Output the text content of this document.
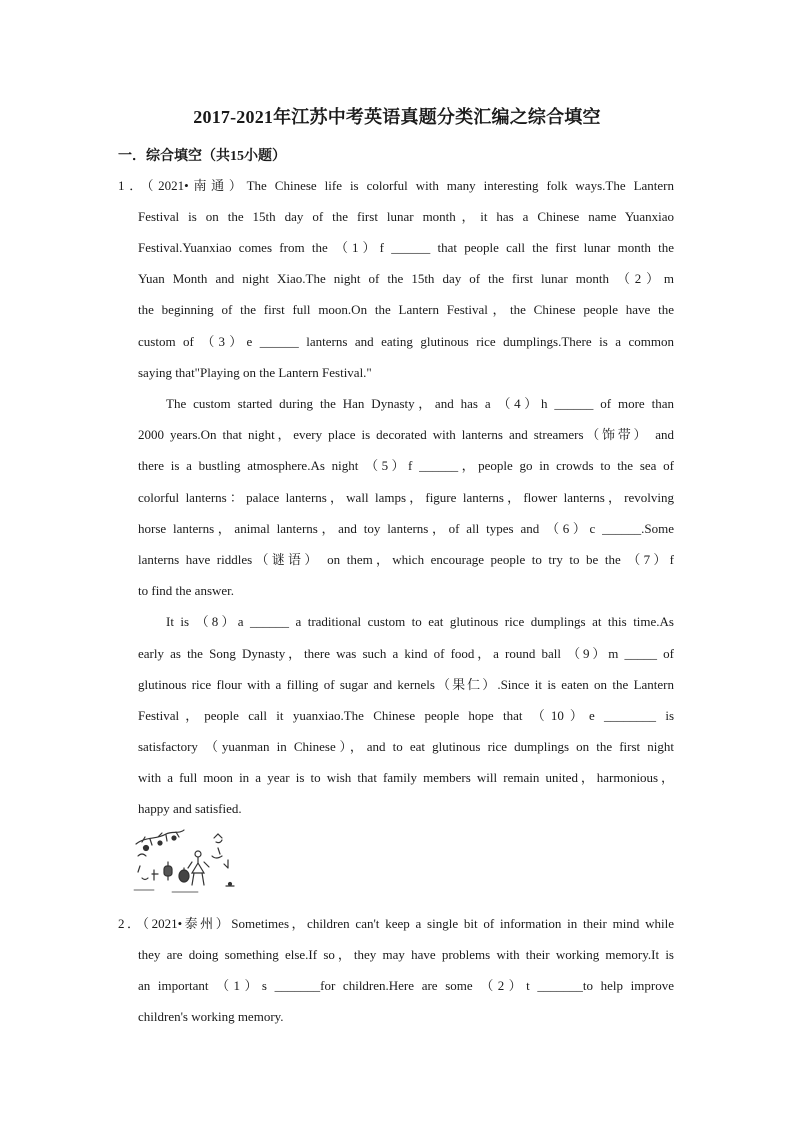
2017-2021年江苏中考英语真题分类汇编之综合填空
一．综合填空（共15小题）
1．（2021•南通）The Chinese life is colorful with many interesting folk ways.The Lantern
Festival is on the 15th day of the first lunar month，it has a Chinese name Yuanxiao
Festival.Yuanxiao comes from the （1）f ______ that people call the first lunar month the
Yuan Month and night Xiao.The night of the 15th day of the first lunar month （2）m
the beginning of the first full moon.On the Lantern Festival，the Chinese people have the
custom of （3）e ______ lanterns and eating glutinous rice dumplings.There is a common
saying that"Playing on the Lantern Festival."
The custom started during the Han Dynasty，and has a （4）h ______ of more than
2000 years.On that night，every place is decorated with lanterns and streamers（饰带） and
there is a bustling atmosphere.As night （5）f ______，people go in crowds to the sea of
colorful lanterns：palace lanterns，wall lamps，figure lanterns，flower lanterns，revolving
horse lanterns，animal lanterns，and toy lanterns，of all types and （6）c ______.Some
lanterns have riddles（谜语） on them，which encourage people to try to be the （7）f
to find the answer.
It is （8）a ______ a traditional custom to eat glutinous rice dumplings at this time.As
early as the Song Dynasty，there was such a kind of food，a round ball （9）m _____ of
glutinous rice flour with a filling of sugar and kernels（果仁）.Since it is eaten on the Lantern
Festival，people call it yuanxiao.The Chinese people hope that （10）e ________ is
satisfactory （yuanman in Chinese），and to eat glutinous rice dumplings on the first night
with a full moon in a year is to wish that family members will remain united，harmonious，
happy and satisfied.
2．（2021•泰州）Sometimes，children can't keep a single bit of information in their mind while
they are doing something else.If so，they may have problems with their working memory.It is
an important （1）s _______for children.Here are some （2）t _______to help improve
children's working memory.
